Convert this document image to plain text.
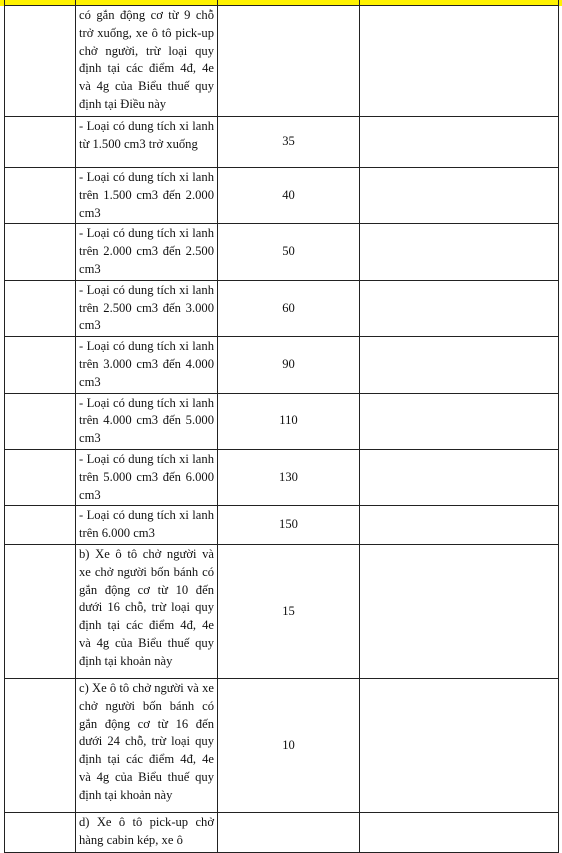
	có gắn động cơ từ 9 chỗ trở xuống, xe ô tô pick-up chở người, trừ loại quy định tại các điểm 4đ, 4e và 4g của Biểu thuế quy định tại Điều này		
	- Loại có dung tích xi lanh từ 1.500 cm3 trở xuống	35	
	- Loại có dung tích xi lanh trên 1.500 cm3 đến 2.000 cm3	40	
	- Loại có dung tích xi lanh trên 2.000 cm3 đến 2.500 cm3	50	
	- Loại có dung tích xi lanh trên 2.500 cm3 đến 3.000 cm3	60	
	- Loại có dung tích xi lanh trên 3.000 cm3 đến 4.000 cm3	90	
	- Loại có dung tích xi lanh trên 4.000 cm3 đến 5.000 cm3	110	
	- Loại có dung tích xi lanh trên 5.000 cm3 đến 6.000 cm3	130	
	- Loại có dung tích xi lanh trên 6.000 cm3	150	
	b) Xe ô tô chở người và xe chở người bốn bánh có gắn động cơ từ 10 đến dưới 16 chỗ, trừ loại quy định tại các điểm 4đ, 4e và 4g của Biểu thuế quy định tại khoản này	15	
	c) Xe ô tô chở người và xe chở người bốn bánh có gắn động cơ từ 16 đến dưới 24 chỗ, trừ loại quy định tại các điểm 4đ, 4e và 4g của Biểu thuế quy định tại khoản này	10	
	d) Xe ô tô pick-up chở hàng cabin kép, xe ô		
